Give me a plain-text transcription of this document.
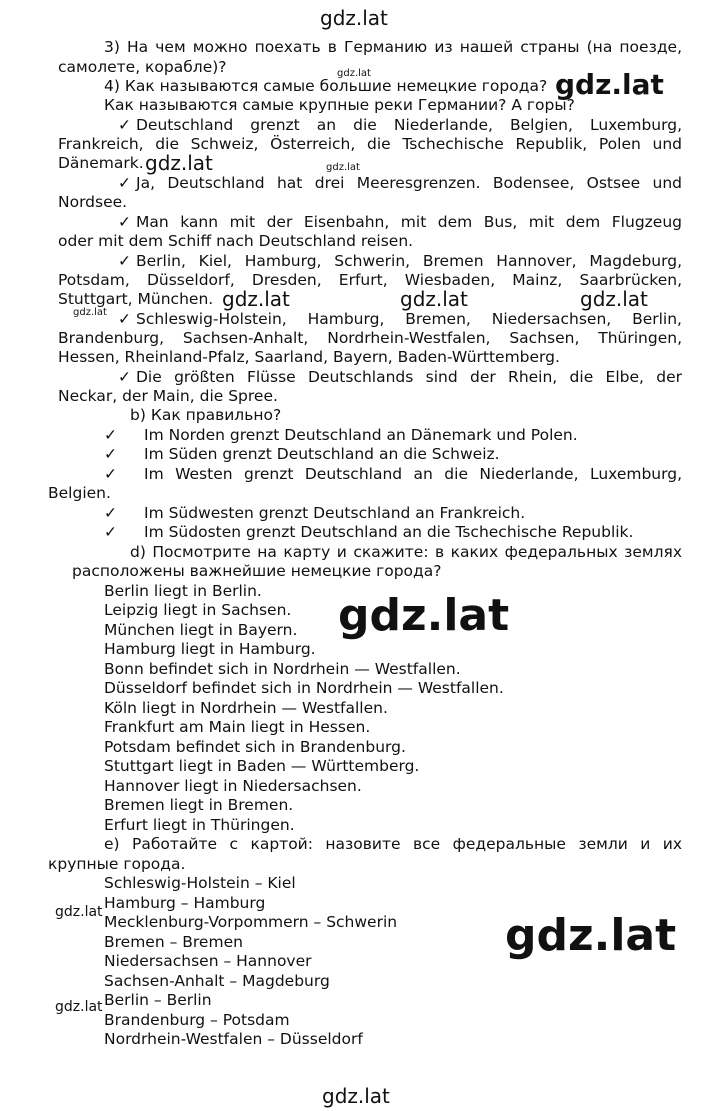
gdz.lat
gdz.lat	gdz.lat
gdz.lat	gdz.lat
gdz.lat	gdz.lat	gdz.lat
gdz.lat
gdz.lat
gdz.lat	gdz.lat
gdz.lat
gdz.lat
3) На чем можно поехать в Германию из нашей страны (на поезде,
самолете, корабле)?
4) Как называются самые большие немецкие города?
Как называются самые крупные реки Германии? А горы?
✓ Deutschland grenzt an die Niederlande, Belgien, Luxemburg,
Frankreich, die Schweiz, Österreich, die Tschechische Republik, Polen und
Dänemark.
✓ Ja, Deutschland hat drei Meeresgrenzen. Bodensee, Ostsee und
Nordsee.
✓ Man kann mit der Eisenbahn, mit dem Bus, mit dem Flugzeug
oder mit dem Schiff nach Deutschland reisen.
✓ Berlin, Kiel, Hamburg, Schwerin, Bremen Hannover, Magdeburg,
Potsdam, Düsseldorf, Dresden, Erfurt, Wiesbaden, Mainz, Saarbrücken,
Stuttgart, München.
✓ Schleswig-Holstein, Hamburg, Bremen, Niedersachsen, Berlin,
Brandenburg, Sachsen-Anhalt, Nordrhein-Westfalen, Sachsen, Thüringen,
Hessen, Rheinland-Pfalz, Saarland, Bayern, Baden-Württemberg.
✓ Die größten Flüsse Deutschlands sind der Rhein, die Elbe, der
Neckar, der Main, die Spree.
b) Как правильно?
✓ Im Norden grenzt Deutschland an Dänemark und Polen.
✓ Im Süden grenzt Deutschland an die Schweiz.
✓ Im Westen grenzt Deutschland an die Niederlande, Luxemburg,
Belgien.
✓ Im Südwesten grenzt Deutschland an Frankreich.
✓ Im Südosten grenzt Deutschland an die Tschechische Republik.
d) Посмотрите на карту и скажите: в каких федеральных землях
расположены важнейшие немецкие города?
Berlin liegt in Berlin.
Leipzig liegt in Sachsen.
München liegt in Bayern.
Hamburg liegt in Hamburg.
Bonn befindet sich in Nordrhein — Westfallen.
Düsseldorf befindet sich in Nordrhein — Westfallen.
Köln liegt in Nordrhein — Westfallen.
Frankfurt am Main liegt in Hessen.
Potsdam befindet sich in Brandenburg.
Stuttgart liegt in Baden — Württemberg.
Hannover liegt in Niedersachsen.
Bremen liegt in Bremen.
Erfurt liegt in Thüringen.
e) Работайте с картой: назовите все федеральные земли и их
крупные города.
Schleswig-Holstein – Kiel
Hamburg – Hamburg
Mecklenburg-Vorpommern – Schwerin
Bremen – Bremen
Niedersachsen – Hannover
Sachsen-Anhalt – Magdeburg
Berlin – Berlin
Brandenburg – Potsdam
Nordrhein-Westfalen – Düsseldorf
